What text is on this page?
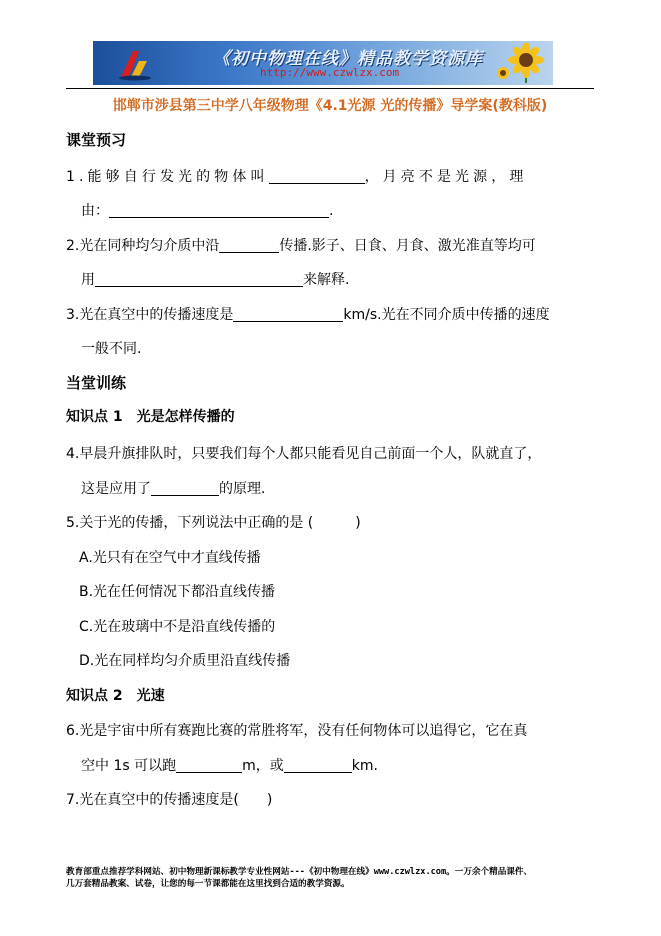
《初中物理在线》精品教学资源库
http://www.czwlzx.com
邯郸市涉县第三中学八年级物理《4.1光源 光的传播》导学案(教科版)
课堂预习
1.能够自行发光的物体叫	，月亮不是光源，理
由：	.
2.光在同种均匀介质中沿	传播.影子、日食、月食、激光准直等均可
用	来解释.
3.光在真空中的传播速度是	km/s.光在不同介质中传播的速度
一般不同.
当堂训练
知识点 1　光是怎样传播的
4.早晨升旗排队时，只要我们每个人都只能看见自己前面一个人，队就直了，
这是应用了	的原理.
5.关于光的传播，下列说法中正确的是 (　　　)
A.光只有在空气中才直线传播
B.光在任何情况下都沿直线传播
C.光在玻璃中不是沿直线传播的
D.光在同样均匀介质里沿直线传播
知识点 2　光速
6.光是宇宙中所有赛跑比赛的常胜将军，没有任何物体可以追得它，它在真
空中 1s 可以跑	m，或	km.
7.光在真空中的传播速度是(　　)
教育部重点推荐学科网站、初中物理新课标教学专业性网站---《初中物理在线》www.czwlzx.com。一万余个精品课件、
几万套精品教案、试卷，让您的每一节课都能在这里找到合适的教学资源。
